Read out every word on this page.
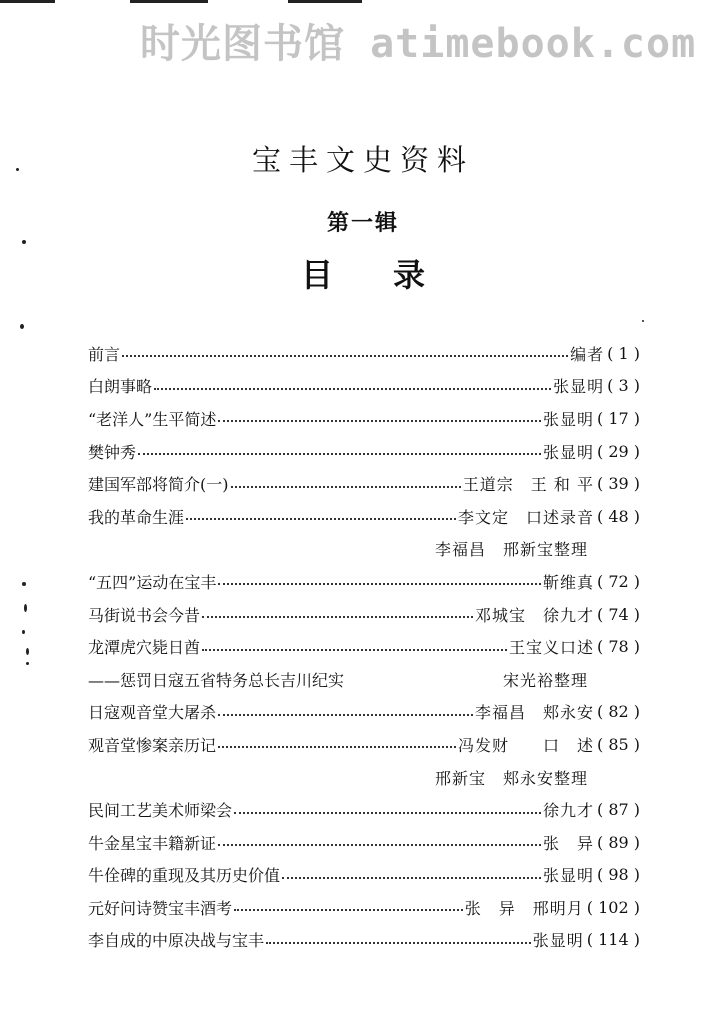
时光图书馆 atimebook.com
宝丰文史资料
第一辑
目 录
前言	编者 ( 1 )
白朗事略	张显明 ( 3 )
“老洋人”生平简述	张显明 ( 17 )
樊钟秀	张显明 ( 29 )
建国军部将简介(一)	王道宗　王 和 平 ( 39 )
我的革命生涯	李文定　口述录音 ( 48 )
李福昌　邢新宝整理
“五四”运动在宝丰	靳维真 ( 72 )
马街说书会今昔	邓城宝　徐九才 ( 74 )
龙潭虎穴毙日酋	王宝义口述 ( 78 )
——惩罚日寇五省特务总长吉川纪实	宋光裕整理
日寇观音堂大屠杀	李福昌　郏永安 ( 82 )
观音堂惨案亲历记	冯发财　　口　述 ( 85 )
邢新宝　郏永安整理
民间工艺美术师梁会	徐九才 ( 87 )
牛金星宝丰籍新证	张　异 ( 89 )
牛佺碑的重现及其历史价值	张显明 ( 98 )
元好问诗赞宝丰酒考	张　异　邢明月 ( 102 )
李自成的中原决战与宝丰	张显明 ( 114 )
